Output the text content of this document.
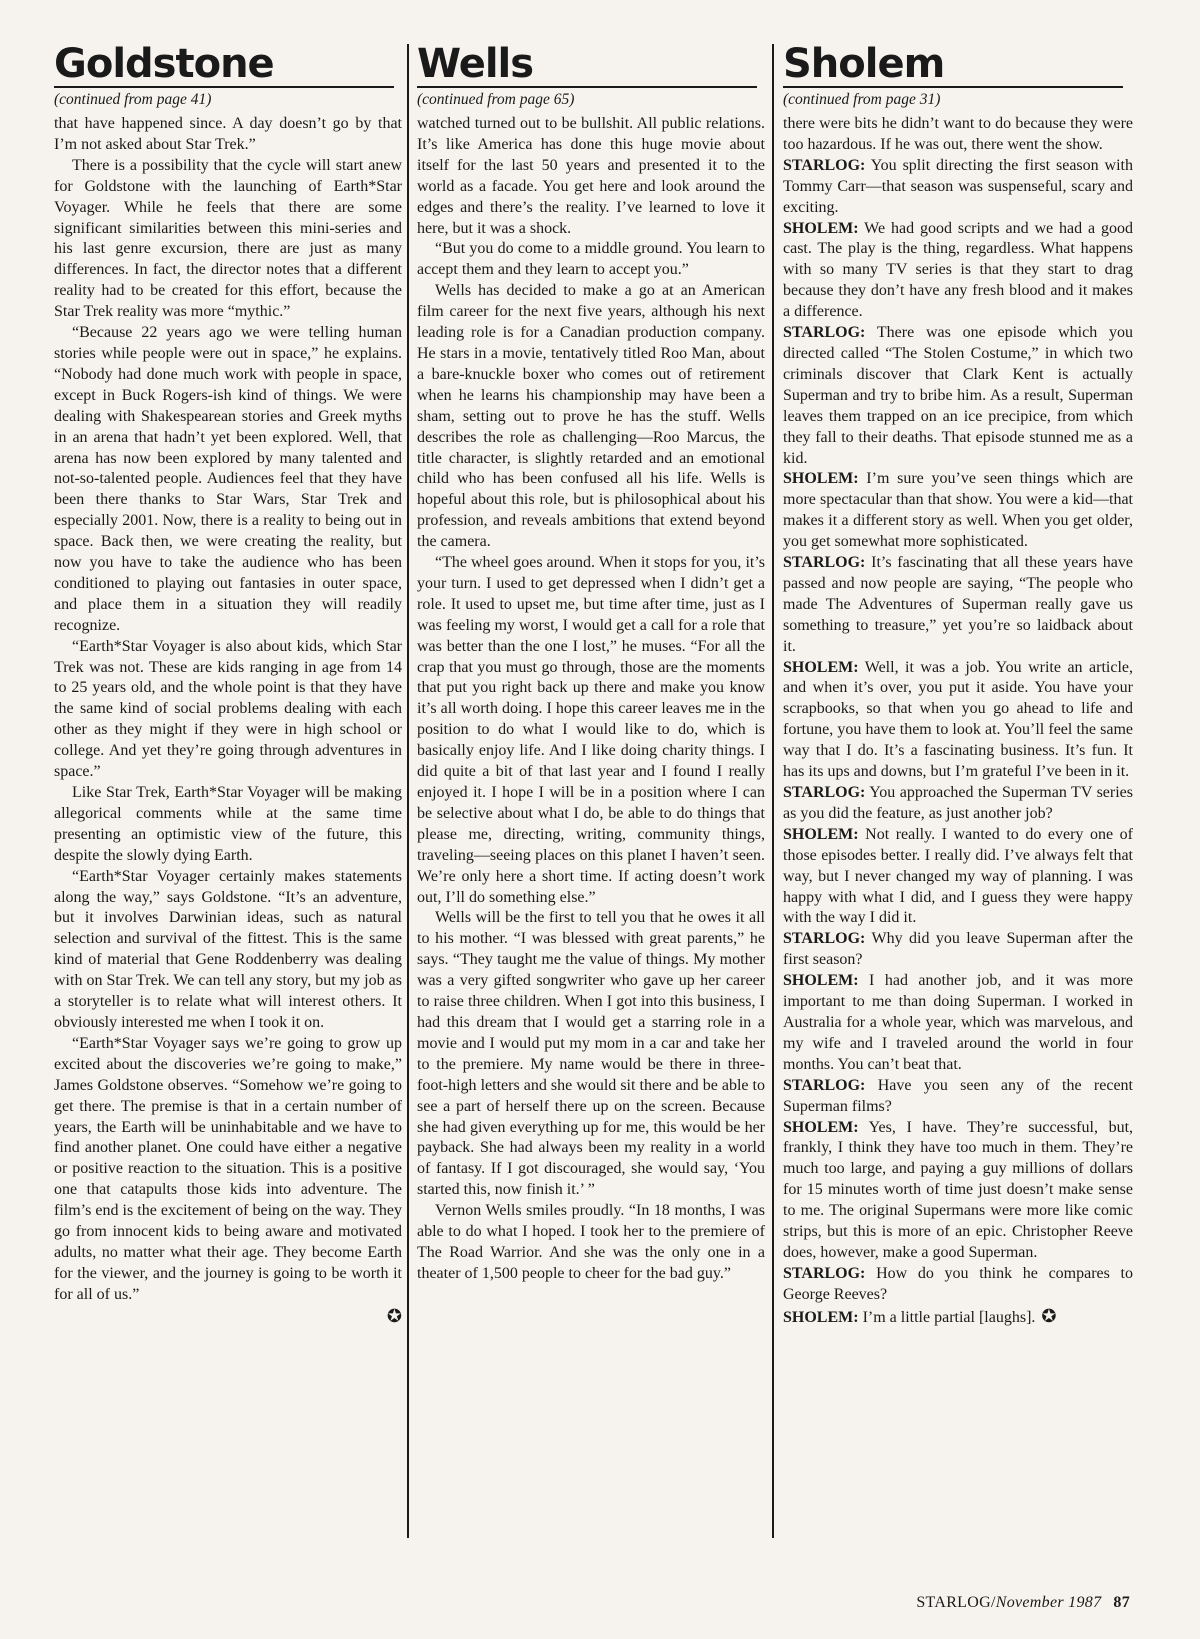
Goldstone
(continued from page 41)

that have happened since. A day doesn’t go by that I’m not asked about Star Trek.”

There is a possibility that the cycle will start anew for Goldstone with the launching of Earth*Star Voyager. While he feels that there are some significant similarities between this mini-series and his last genre excursion, there are just as many differences. In fact, the director notes that a different reality had to be created for this effort, because the Star Trek reality was more “mythic.”

“Because 22 years ago we were telling human stories while people were out in space,” he explains. “Nobody had done much work with people in space, except in Buck Rogers-ish kind of things. We were dealing with Shakespearean stories and Greek myths in an arena that hadn’t yet been explored. Well, that arena has now been explored by many talented and not-so-talented people. Audiences feel that they have been there thanks to Star Wars, Star Trek and especially 2001. Now, there is a reality to being out in space. Back then, we were creating the reality, but now you have to take the audience who has been conditioned to playing out fantasies in outer space, and place them in a situation they will readily recognize.

“Earth*Star Voyager is also about kids, which Star Trek was not. These are kids ranging in age from 14 to 25 years old, and the whole point is that they have the same kind of social problems dealing with each other as they might if they were in high school or college. And yet they’re going through adventures in space.”

Like Star Trek, Earth*Star Voyager will be making allegorical comments while at the same time presenting an optimistic view of the future, this despite the slowly dying Earth.

“Earth*Star Voyager certainly makes statements along the way,” says Goldstone. “It’s an adventure, but it involves Darwinian ideas, such as natural selection and survival of the fittest. This is the same kind of material that Gene Roddenberry was dealing with on Star Trek. We can tell any story, but my job as a storyteller is to relate what will interest others. It obviously interested me when I took it on.

“Earth*Star Voyager says we’re going to grow up excited about the discoveries we’re going to make,” James Goldstone observes. “Somehow we’re going to get there. The premise is that in a certain number of years, the Earth will be uninhabitable and we have to find another planet. One could have either a negative or positive reaction to the situation. This is a positive one that catapults those kids into adventure. The film’s end is the excitement of being on the way. They go from innocent kids to being aware and motivated adults, no matter what their age. They become Earth for the viewer, and the journey is going to be worth it for all of us.”

✪
Wells
(continued from page 65)

watched turned out to be bullshit. All public relations. It’s like America has done this huge movie about itself for the last 50 years and presented it to the world as a facade. You get here and look around the edges and there’s the reality. I’ve learned to love it here, but it was a shock.

“But you do come to a middle ground. You learn to accept them and they learn to accept you.”

Wells has decided to make a go at an American film career for the next five years, although his next leading role is for a Canadian production company. He stars in a movie, tentatively titled Roo Man, about a bare-knuckle boxer who comes out of retirement when he learns his championship may have been a sham, setting out to prove he has the stuff. Wells describes the role as challenging—Roo Marcus, the title character, is slightly retarded and an emotional child who has been confused all his life. Wells is hopeful about this role, but is philosophical about his profession, and reveals ambitions that extend beyond the camera.

“The wheel goes around. When it stops for you, it’s your turn. I used to get depressed when I didn’t get a role. It used to upset me, but time after time, just as I was feeling my worst, I would get a call for a role that was better than the one I lost,” he muses. “For all the crap that you must go through, those are the moments that put you right back up there and make you know it’s all worth doing. I hope this career leaves me in the position to do what I would like to do, which is basically enjoy life. And I like doing charity things. I did quite a bit of that last year and I found I really enjoyed it. I hope I will be in a position where I can be selective about what I do, be able to do things that please me, directing, writing, community things, traveling—seeing places on this planet I haven’t seen. We’re only here a short time. If acting doesn’t work out, I’ll do something else.”

Wells will be the first to tell you that he owes it all to his mother. “I was blessed with great parents,” he says. “They taught me the value of things. My mother was a very gifted songwriter who gave up her career to raise three children. When I got into this business, I had this dream that I would get a starring role in a movie and I would put my mom in a car and take her to the premiere. My name would be there in three-foot-high letters and she would sit there and be able to see a part of herself there up on the screen. Because she had given everything up for me, this would be her payback. She had always been my reality in a world of fantasy. If I got discouraged, she would say, ‘You started this, now finish it.’ ”

Vernon Wells smiles proudly. “In 18 months, I was able to do what I hoped. I took her to the premiere of The Road Warrior. And she was the only one in a theater of 1,500 people to cheer for the bad guy.”

Sholem
(continued from page 31)

there were bits he didn’t want to do because they were too hazardous. If he was out, there went the show.

STARLOG: You split directing the first season with Tommy Carr—that season was suspenseful, scary and exciting.

SHOLEM: We had good scripts and we had a good cast. The play is the thing, regardless. What happens with so many TV series is that they start to drag because they don’t have any fresh blood and it makes a difference.

STARLOG: There was one episode which you directed called “The Stolen Costume,” in which two criminals discover that Clark Kent is actually Superman and try to bribe him. As a result, Superman leaves them trapped on an ice precipice, from which they fall to their deaths. That episode stunned me as a kid.

SHOLEM: I’m sure you’ve seen things which are more spectacular than that show. You were a kid—that makes it a different story as well. When you get older, you get somewhat more sophisticated.

STARLOG: It’s fascinating that all these years have passed and now people are saying, “The people who made The Adventures of Superman really gave us something to treasure,” yet you’re so laidback about it.

SHOLEM: Well, it was a job. You write an article, and when it’s over, you put it aside. You have your scrapbooks, so that when you go ahead to life and fortune, you have them to look at. You’ll feel the same way that I do. It’s a fascinating business. It’s fun. It has its ups and downs, but I’m grateful I’ve been in it.

STARLOG: You approached the Superman TV series as you did the feature, as just another job?

SHOLEM: Not really. I wanted to do every one of those episodes better. I really did. I’ve always felt that way, but I never changed my way of planning. I was happy with what I did, and I guess they were happy with the way I did it.

STARLOG: Why did you leave Superman after the first season?

SHOLEM: I had another job, and it was more important to me than doing Superman. I worked in Australia for a whole year, which was marvelous, and my wife and I traveled around the world in four months. You can’t beat that.

STARLOG: Have you seen any of the recent Superman films?

SHOLEM: Yes, I have. They’re successful, but, frankly, I think they have too much in them. They’re much too large, and paying a guy millions of dollars for 15 minutes worth of time just doesn’t make sense to me. The original Supermans were more like comic strips, but this is more of an epic. Christopher Reeve does, however, make a good Superman.

STARLOG: How do you think he compares to George Reeves?

SHOLEM: I’m a little partial [laughs]. ✪

STARLOG/November 1987 87
